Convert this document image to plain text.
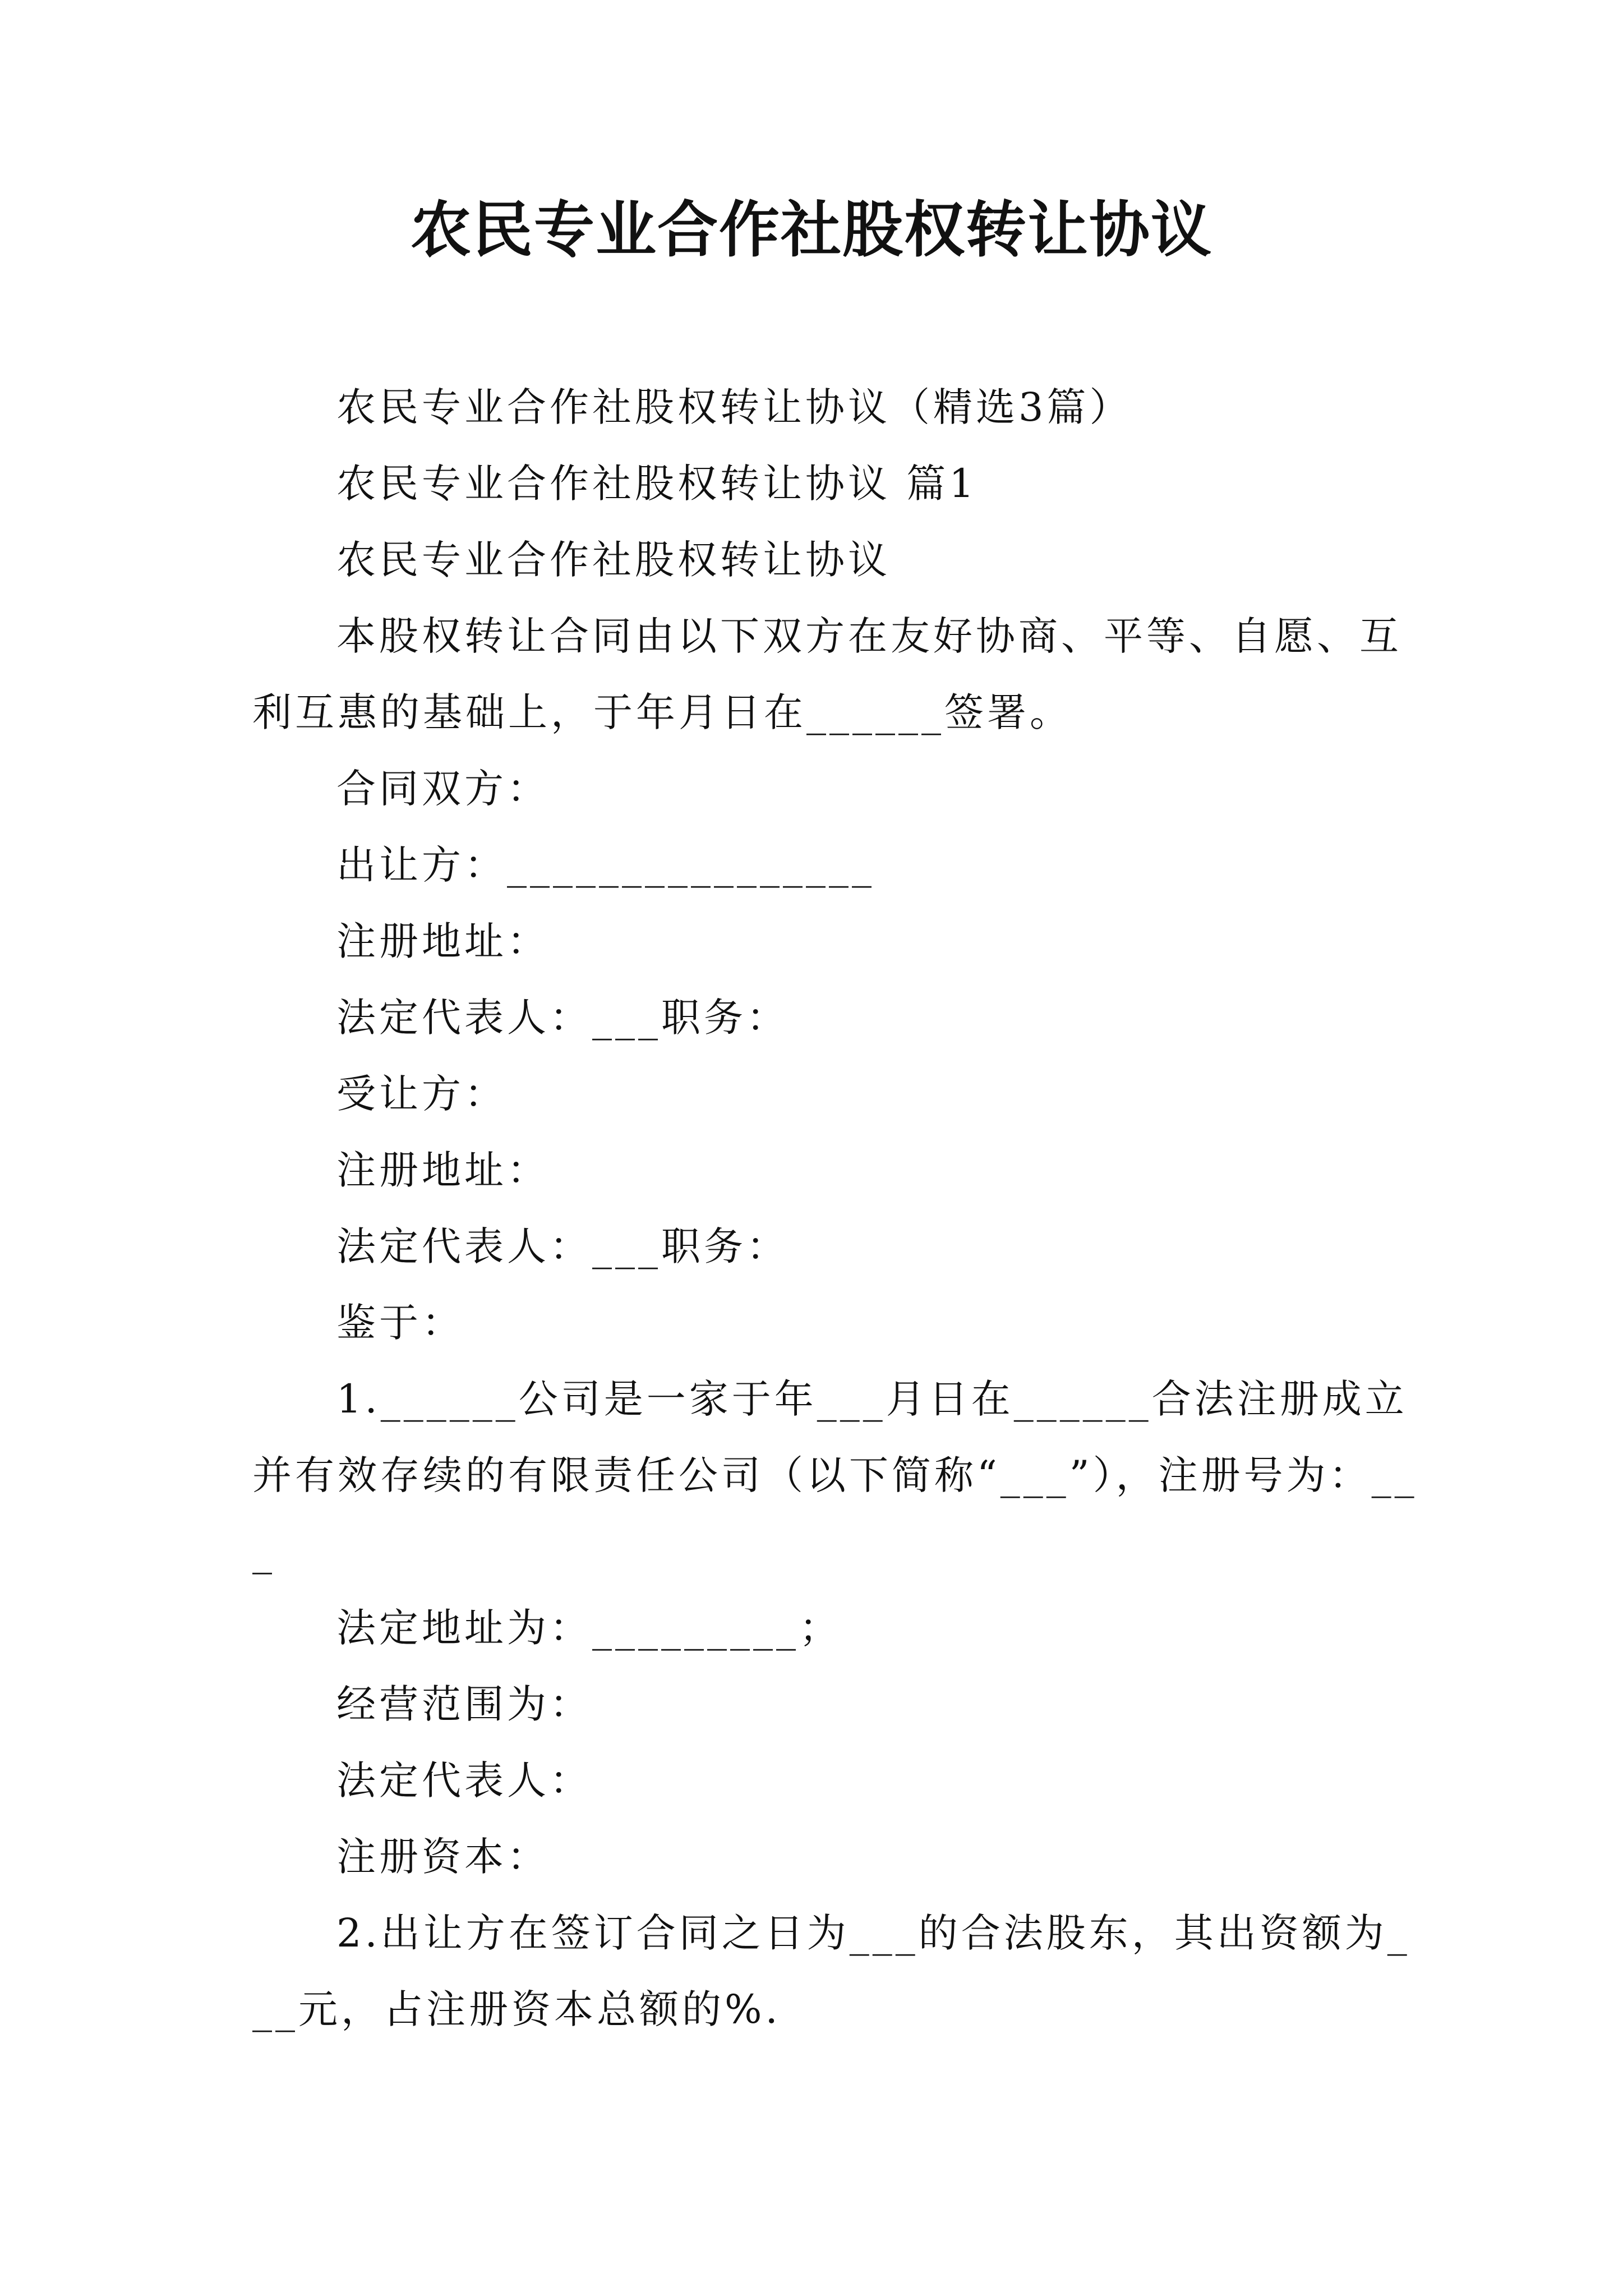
农民专业合作社股权转让协议

农民专业合作社股权转让协议（精选3篇）

农民专业合作社股权转让协议 篇1

农民专业合作社股权转让协议

本股权转让合同由以下双方在友好协商、平等、自愿、互利互惠的基础上，于年月日在______签署。

合同双方：

出让方：________________

注册地址：

法定代表人：___职务：

受让方：

注册地址：

法定代表人：___职务：

鉴于：

1.______公司是一家于年___月日在______合法注册成立并有效存续的有限责任公司（以下简称“___”），注册号为：___

法定地址为：_________；

经营范围为：

法定代表人：

注册资本：

2.出让方在签订合同之日为___的合法股东，其出资额为___元，占注册资本总额的%.
